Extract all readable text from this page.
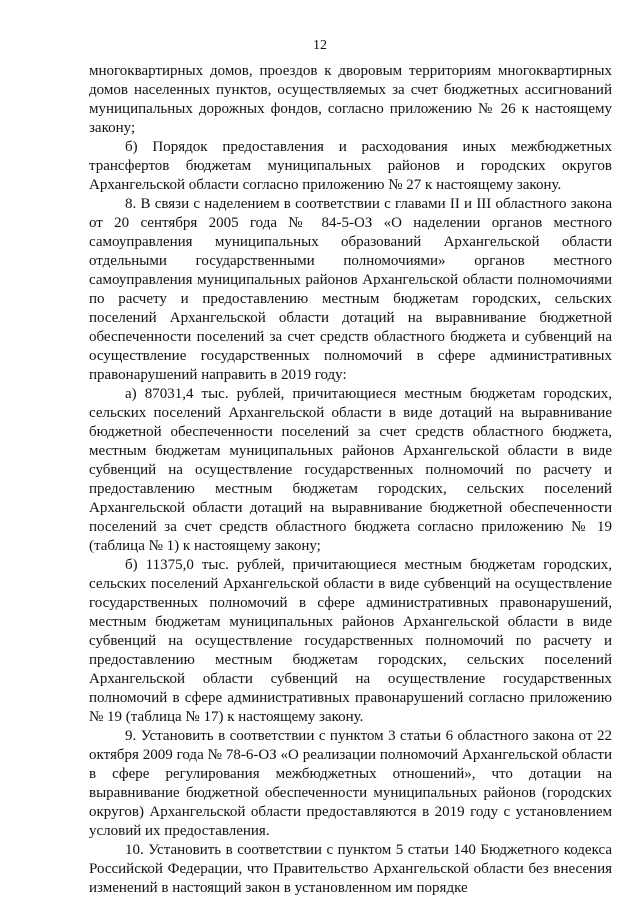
12

многоквартирных домов, проездов к дворовым территориям многоквартирных домов населенных пунктов, осуществляемых за счет бюджетных ассигнований муниципальных дорожных фондов, согласно приложению № 26 к настоящему закону;

б) Порядок предоставления и расходования иных межбюджетных трансфертов бюджетам муниципальных районов и городских округов Архангельской области согласно приложению № 27 к настоящему закону.

8. В связи с наделением в соответствии с главами II и III областного закона от 20 сентября 2005 года № 84-5-ОЗ «О наделении органов местного самоуправления муниципальных образований Архангельской области отдельными государственными полномочиями» органов местного самоуправления муниципальных районов Архангельской области полномочиями по расчету и предоставлению местным бюджетам городских, сельских поселений Архангельской области дотаций на выравнивание бюджетной обеспеченности поселений за счет средств областного бюджета и субвенций на осуществление государственных полномочий в сфере административных правонарушений направить в 2019 году:

а) 87031,4 тыс. рублей, причитающиеся местным бюджетам городских, сельских поселений Архангельской области в виде дотаций на выравнивание бюджетной обеспеченности поселений за счет средств областного бюджета, местным бюджетам муниципальных районов Архангельской области в виде субвенций на осуществление государственных полномочий по расчету и предоставлению местным бюджетам городских, сельских поселений Архангельской области дотаций на выравнивание бюджетной обеспеченности поселений за счет средств областного бюджета согласно приложению № 19 (таблица № 1) к настоящему закону;

б) 11375,0 тыс. рублей, причитающиеся местным бюджетам городских, сельских поселений Архангельской области в виде субвенций на осуществление государственных полномочий в сфере административных правонарушений, местным бюджетам муниципальных районов Архангельской области в виде субвенций на осуществление государственных полномочий по расчету и предоставлению местным бюджетам городских, сельских поселений Архангельской области субвенций на осуществление государственных полномочий в сфере административных правонарушений согласно приложению № 19 (таблица № 17) к настоящему закону.

9. Установить в соответствии с пунктом 3 статьи 6 областного закона от 22 октября 2009 года № 78-6-ОЗ «О реализации полномочий Архангельской области в сфере регулирования межбюджетных отношений», что дотации на выравнивание бюджетной обеспеченности муниципальных районов (городских округов) Архангельской области предоставляются в 2019 году с установлением условий их предоставления.

10. Установить в соответствии с пунктом 5 статьи 140 Бюджетного кодекса Российской Федерации, что Правительство Архангельской области без внесения изменений в настоящий закон в установленном им порядке
